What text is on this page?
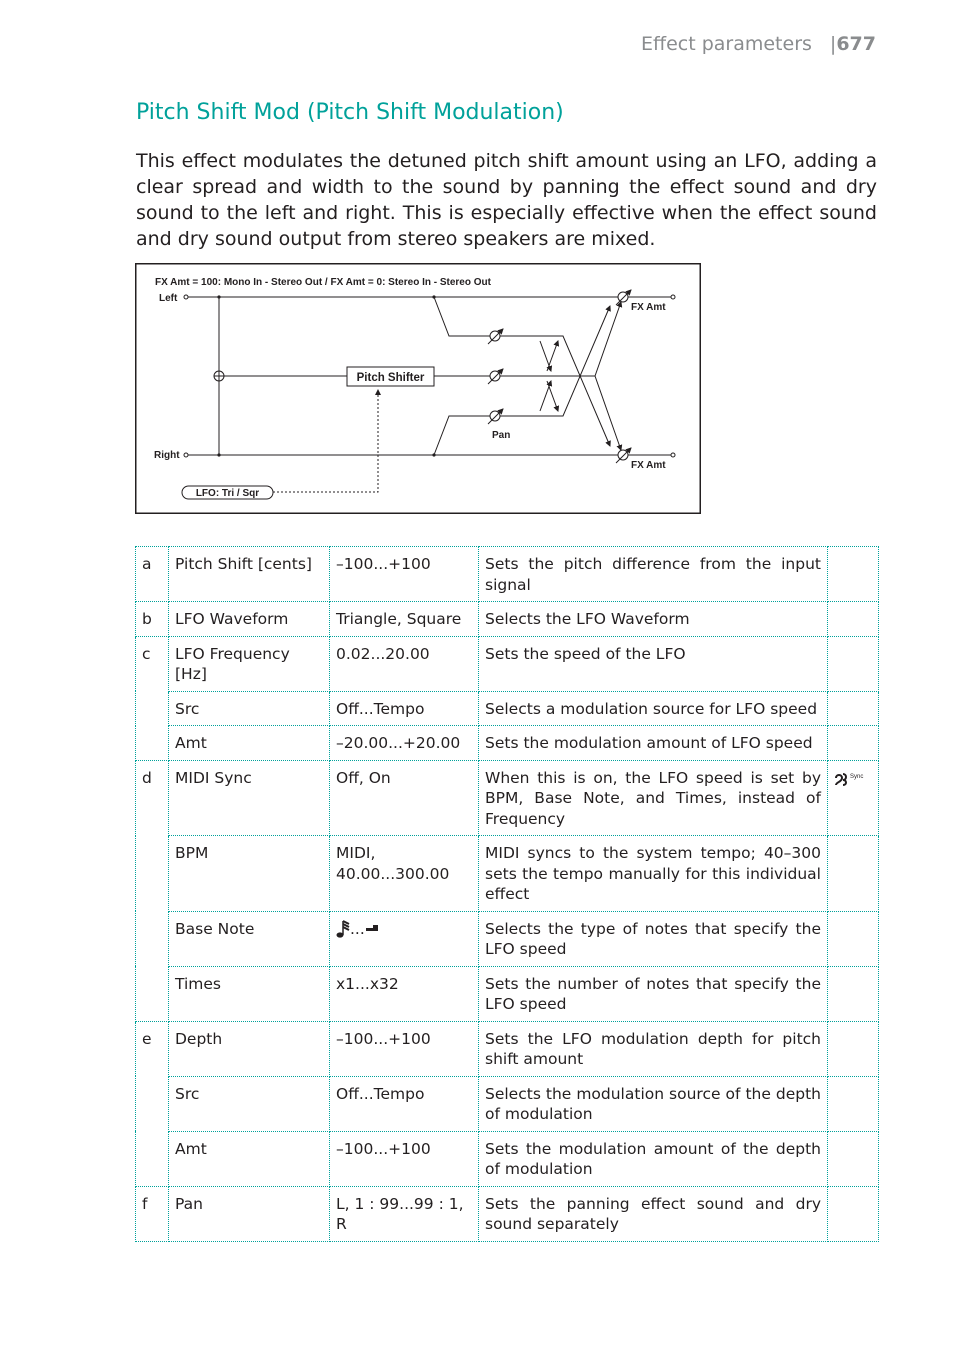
Effect parameters |677
Pitch Shift Mod (Pitch Shift Modulation)
This effect modulates the detuned pitch shift amount using an LFO, adding a clear spread and width to the sound by panning the effect sound and dry sound to the left and right. This is especially effective when the effect sound and dry sound output from stereo speakers are mixed.
FX Amt = 100: Mono In - Stereo Out / FX Amt = 0: Stereo In - Stereo Out
Left
Right
Pitch Shifter
Pan
FX Amt
FX Amt
LFO: Tri / Sqr
a	Pitch Shift [cents]	–100...+100	Sets the pitch difference from the input signal	
b	LFO Waveform	Triangle, Square	Selects the LFO Waveform	
c	LFO Frequency [Hz]	0.02...20.00	Sets the speed of the LFO	
	Src	Off...Tempo	Selects a modulation source for LFO speed	
	Amt	–20.00...+20.00	Sets the modulation amount of LFO speed	
d	MIDI Sync	Off, On	When this is on, the LFO speed is set by BPM, Base Note, and Times, instead of Frequency	Sync

	BPM	MIDI, 40.00...300.00	MIDI syncs to the system tempo; 40–300 sets the tempo manually for this individual effect	
	Base Note	...	Selects the type of notes that specify the LFO speed	
	Times	x1...x32	Sets the number of notes that specify the LFO speed	
e	Depth	–100...+100	Sets the LFO modulation depth for pitch shift amount	
	Src	Off...Tempo	Selects the modulation source of the depth of modulation	
	Amt	–100...+100	Sets the modulation amount of the depth of modulation	
f	Pan	L, 1 : 99...99 : 1, R	Sets the panning effect sound and dry sound separately	
